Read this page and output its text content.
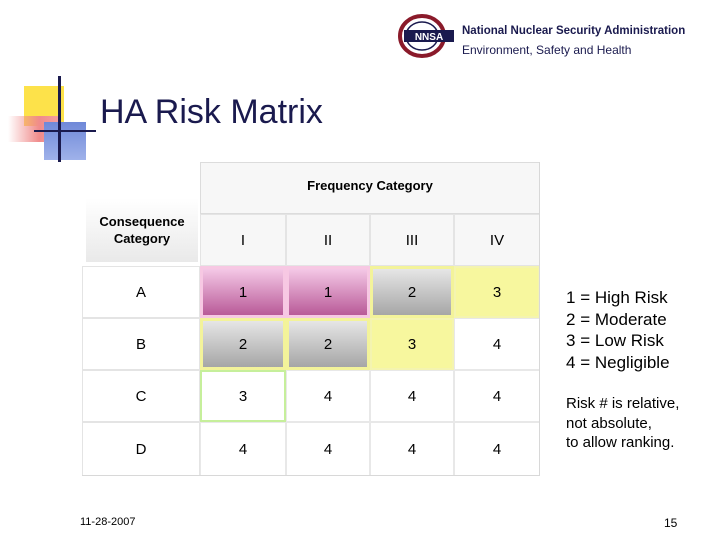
NNSA
National Nuclear Security Administration
Environment, Safety and Health
HA Risk Matrix
Frequency Category
Consequence
Category	I	II	III	IV
A	1	1	2	3
B	2	2	3	4
C	3	4	4	4
D	4	4	4	4
1 = High Risk
2 = Moderate
3 = Low Risk
4 = Negligible
Risk # is relative,
not absolute,
to allow ranking.
11-28-2007	15
